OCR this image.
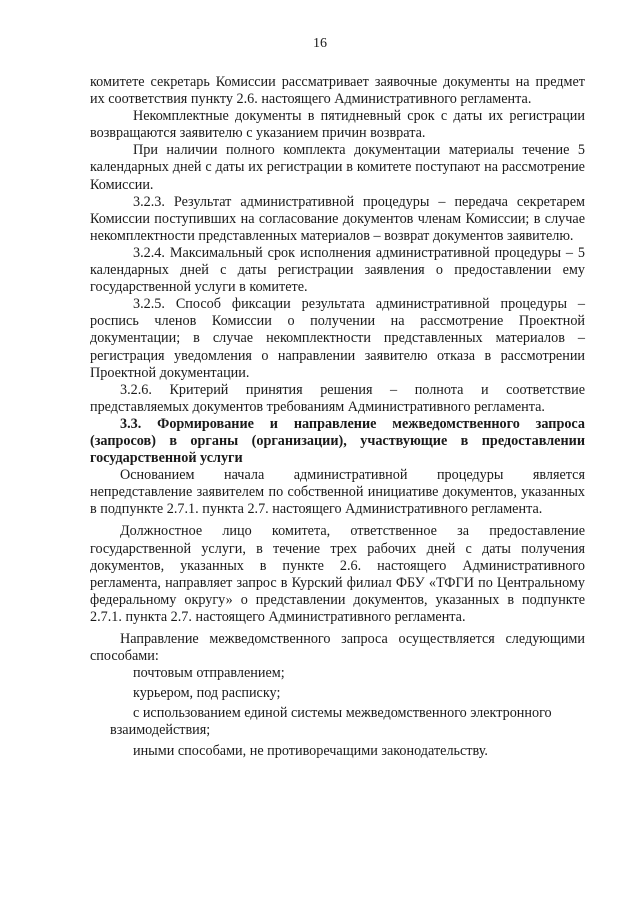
16

комитете секретарь Комиссии рассматривает заявочные документы на предмет их соответствия пункту 2.6. настоящего Административного регламента.

Некомплектные документы в пятидневный срок с даты их регистрации возвращаются заявителю с указанием причин возврата.

При наличии полного комплекта документации материалы течение 5 календарных дней с даты их регистрации в комитете поступают на рассмотрение Комиссии.

3.2.3. Результат административной процедуры – передача секретарем Комиссии поступивших на согласование документов членам Комиссии; в случае некомплектности представленных материалов – возврат документов заявителю.

3.2.4. Максимальный срок исполнения административной процедуры – 5 календарных дней с даты регистрации заявления о предоставлении ему государственной услуги в комитете.

3.2.5. Способ фиксации результата административной процедуры – роспись членов Комиссии о получении на рассмотрение Проектной документации; в случае некомплектности представленных материалов – регистрация уведомления о направлении заявителю отказа в рассмотрении Проектной документации.

3.2.6. Критерий принятия решения – полнота и соответствие представляемых документов требованиям Административного регламента.

3.3. Формирование и направление межведомственного запроса (запросов) в органы (организации), участвующие в предоставлении государственной услуги

Основанием начала административной процедуры является непредставление заявителем по собственной инициативе документов, указанных в подпункте 2.7.1. пункта 2.7. настоящего Административного регламента.

Должностное лицо комитета, ответственное за предоставление государственной услуги, в течение трех рабочих дней с даты получения документов, указанных в пункте 2.6. настоящего Административного регламента, направляет запрос в Курский филиал ФБУ «ТФГИ по Центральному федеральному округу» о представлении документов, указанных в подпункте 2.7.1. пункта 2.7. настоящего Административного регламента.

Направление межведомственного запроса осуществляется следующими способами:

почтовым отправлением;

курьером, под расписку;

с использованием единой системы межведомственного электронного взаимодействия;

иными способами, не противоречащими законодательству.
